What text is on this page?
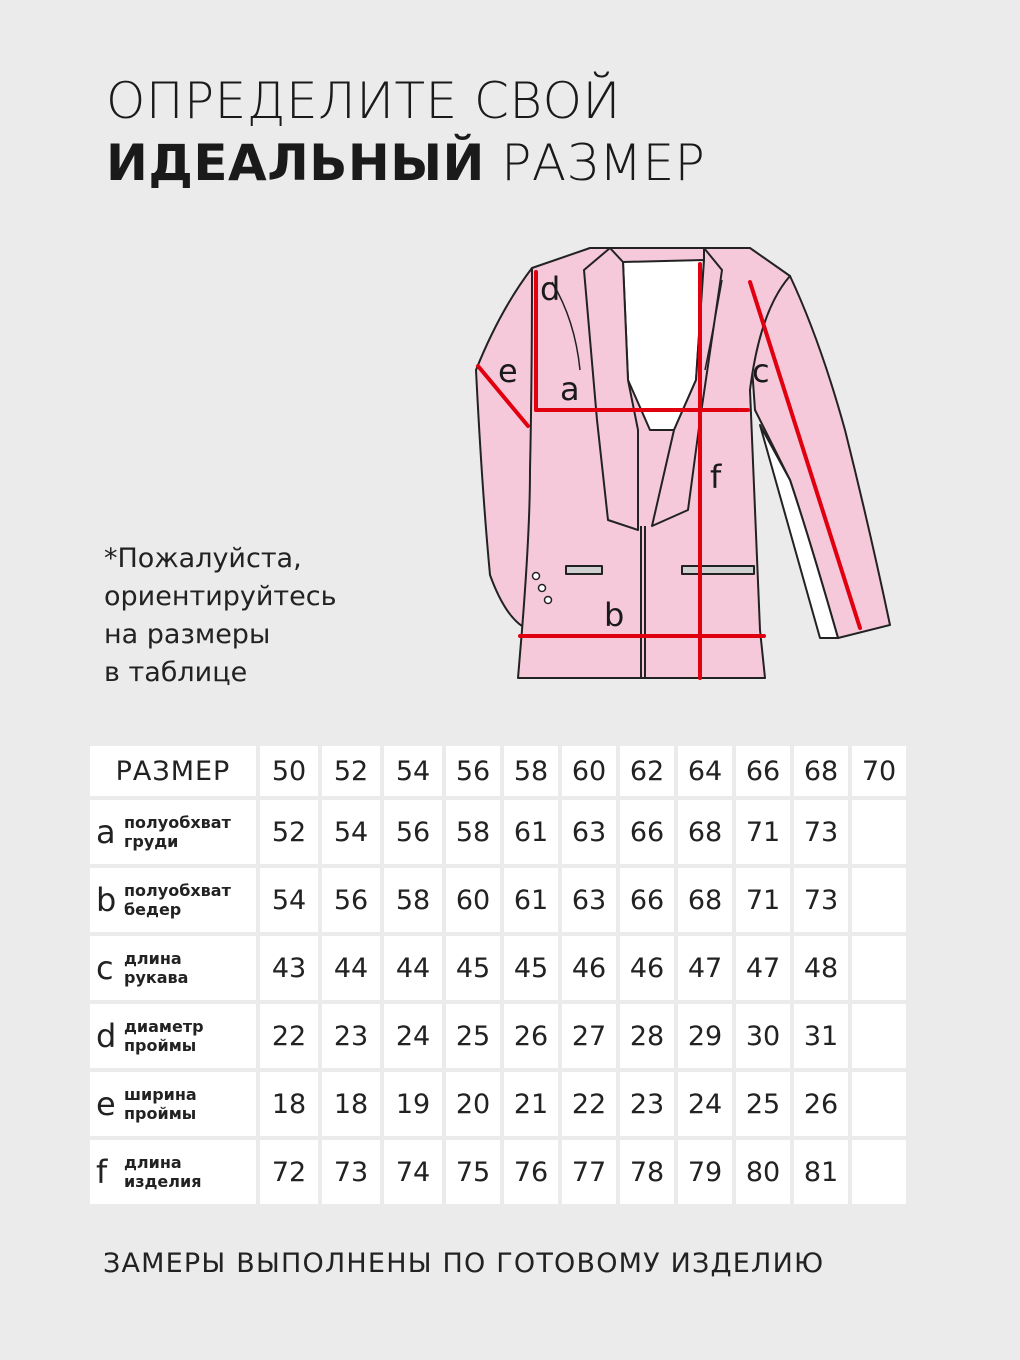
ОПРЕДЕЛИТЕ СВОЙ
ИДЕАЛЬНЫЙ РАЗМЕР
*Пожалуйста,
ориентируйтесь
на размеры
в таблице
a
b
c
d
e
f
РАЗМЕР	50	52	54	56	58	60	62	64	66	68	70

a полуобхват
груди	52	54	56	58	61	63	66	68	71	73	

b полуобхват
бедер	54	56	58	60	61	63	66	68	71	73	

c длина
рукава	43	44	44	45	45	46	46	47	47	48	

d диаметр
проймы	22	23	24	25	26	27	28	29	30	31	

e ширина
проймы	18	18	19	20	21	22	23	24	25	26	

f длина
изделия	72	73	74	75	76	77	78	79	80	81	
ЗАМЕРЫ ВЫПОЛНЕНЫ ПО ГОТОВОМУ ИЗДЕЛИЮ
